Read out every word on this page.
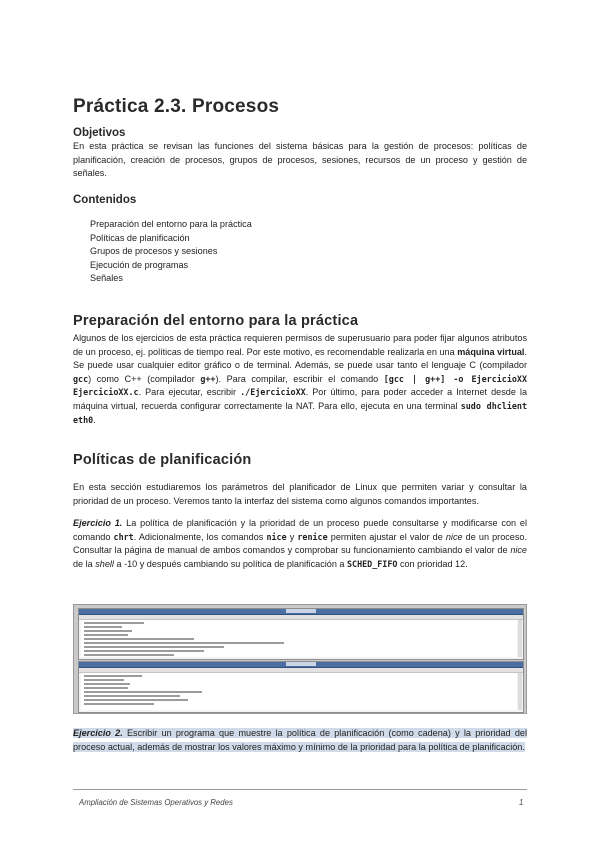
Práctica 2.3. Procesos
Objetivos

En esta práctica se revisan las funciones del sistema básicas para la gestión de procesos: políticas de planificación, creación de procesos, grupos de procesos, sesiones, recursos de un proceso y gestión de señales.

Contenidos
Preparación del entorno para la práctica
Políticas de planificación
Grupos de procesos y sesiones
Ejecución de programas
Señales
Preparación del entorno para la práctica

Algunos de los ejercicios de esta práctica requieren permisos de superusuario para poder fijar algunos atributos de un proceso, ej. políticas de tiempo real. Por este motivo, es recomendable realizarla en una máquina virtual. Se puede usar cualquier editor gráfico o de terminal. Además, se puede usar tanto el lenguaje C (compilador gcc) como C++ (compilador g++). Para compilar, escribir el comando [gcc | g++] -o EjercicioXX EjercicioXX.c. Para ejecutar, escribir ./EjercicioXX. Por último, para poder acceder a Internet desde la máquina virtual, recuerda configurar correctamente la NAT. Para ello, ejecuta en una terminal sudo dhclient eth0.

Políticas de planificación

En esta sección estudiaremos los parámetros del planificador de Linux que permiten variar y consultar la prioridad de un proceso. Veremos tanto la interfaz del sistema como algunos comandos importantes.

Ejercicio 1. La política de planificación y la prioridad de un proceso puede consultarse y modificarse con el comando chrt. Adicionalmente, los comandos nice y renice permiten ajustar el valor de nice de un proceso. Consultar la página de manual de ambos comandos y comprobar su funcionamiento cambiando el valor de nice de la shell a -10 y después cambiando su política de planificación a SCHED_FIFO con prioridad 12.

Ejercicio 2. Escribir un programa que muestre la política de planificación (como cadena) y la prioridad del proceso actual, además de mostrar los valores máximo y mínimo de la prioridad para la política de planificación.

Ampliación de Sistemas Operativos y Redes	1
